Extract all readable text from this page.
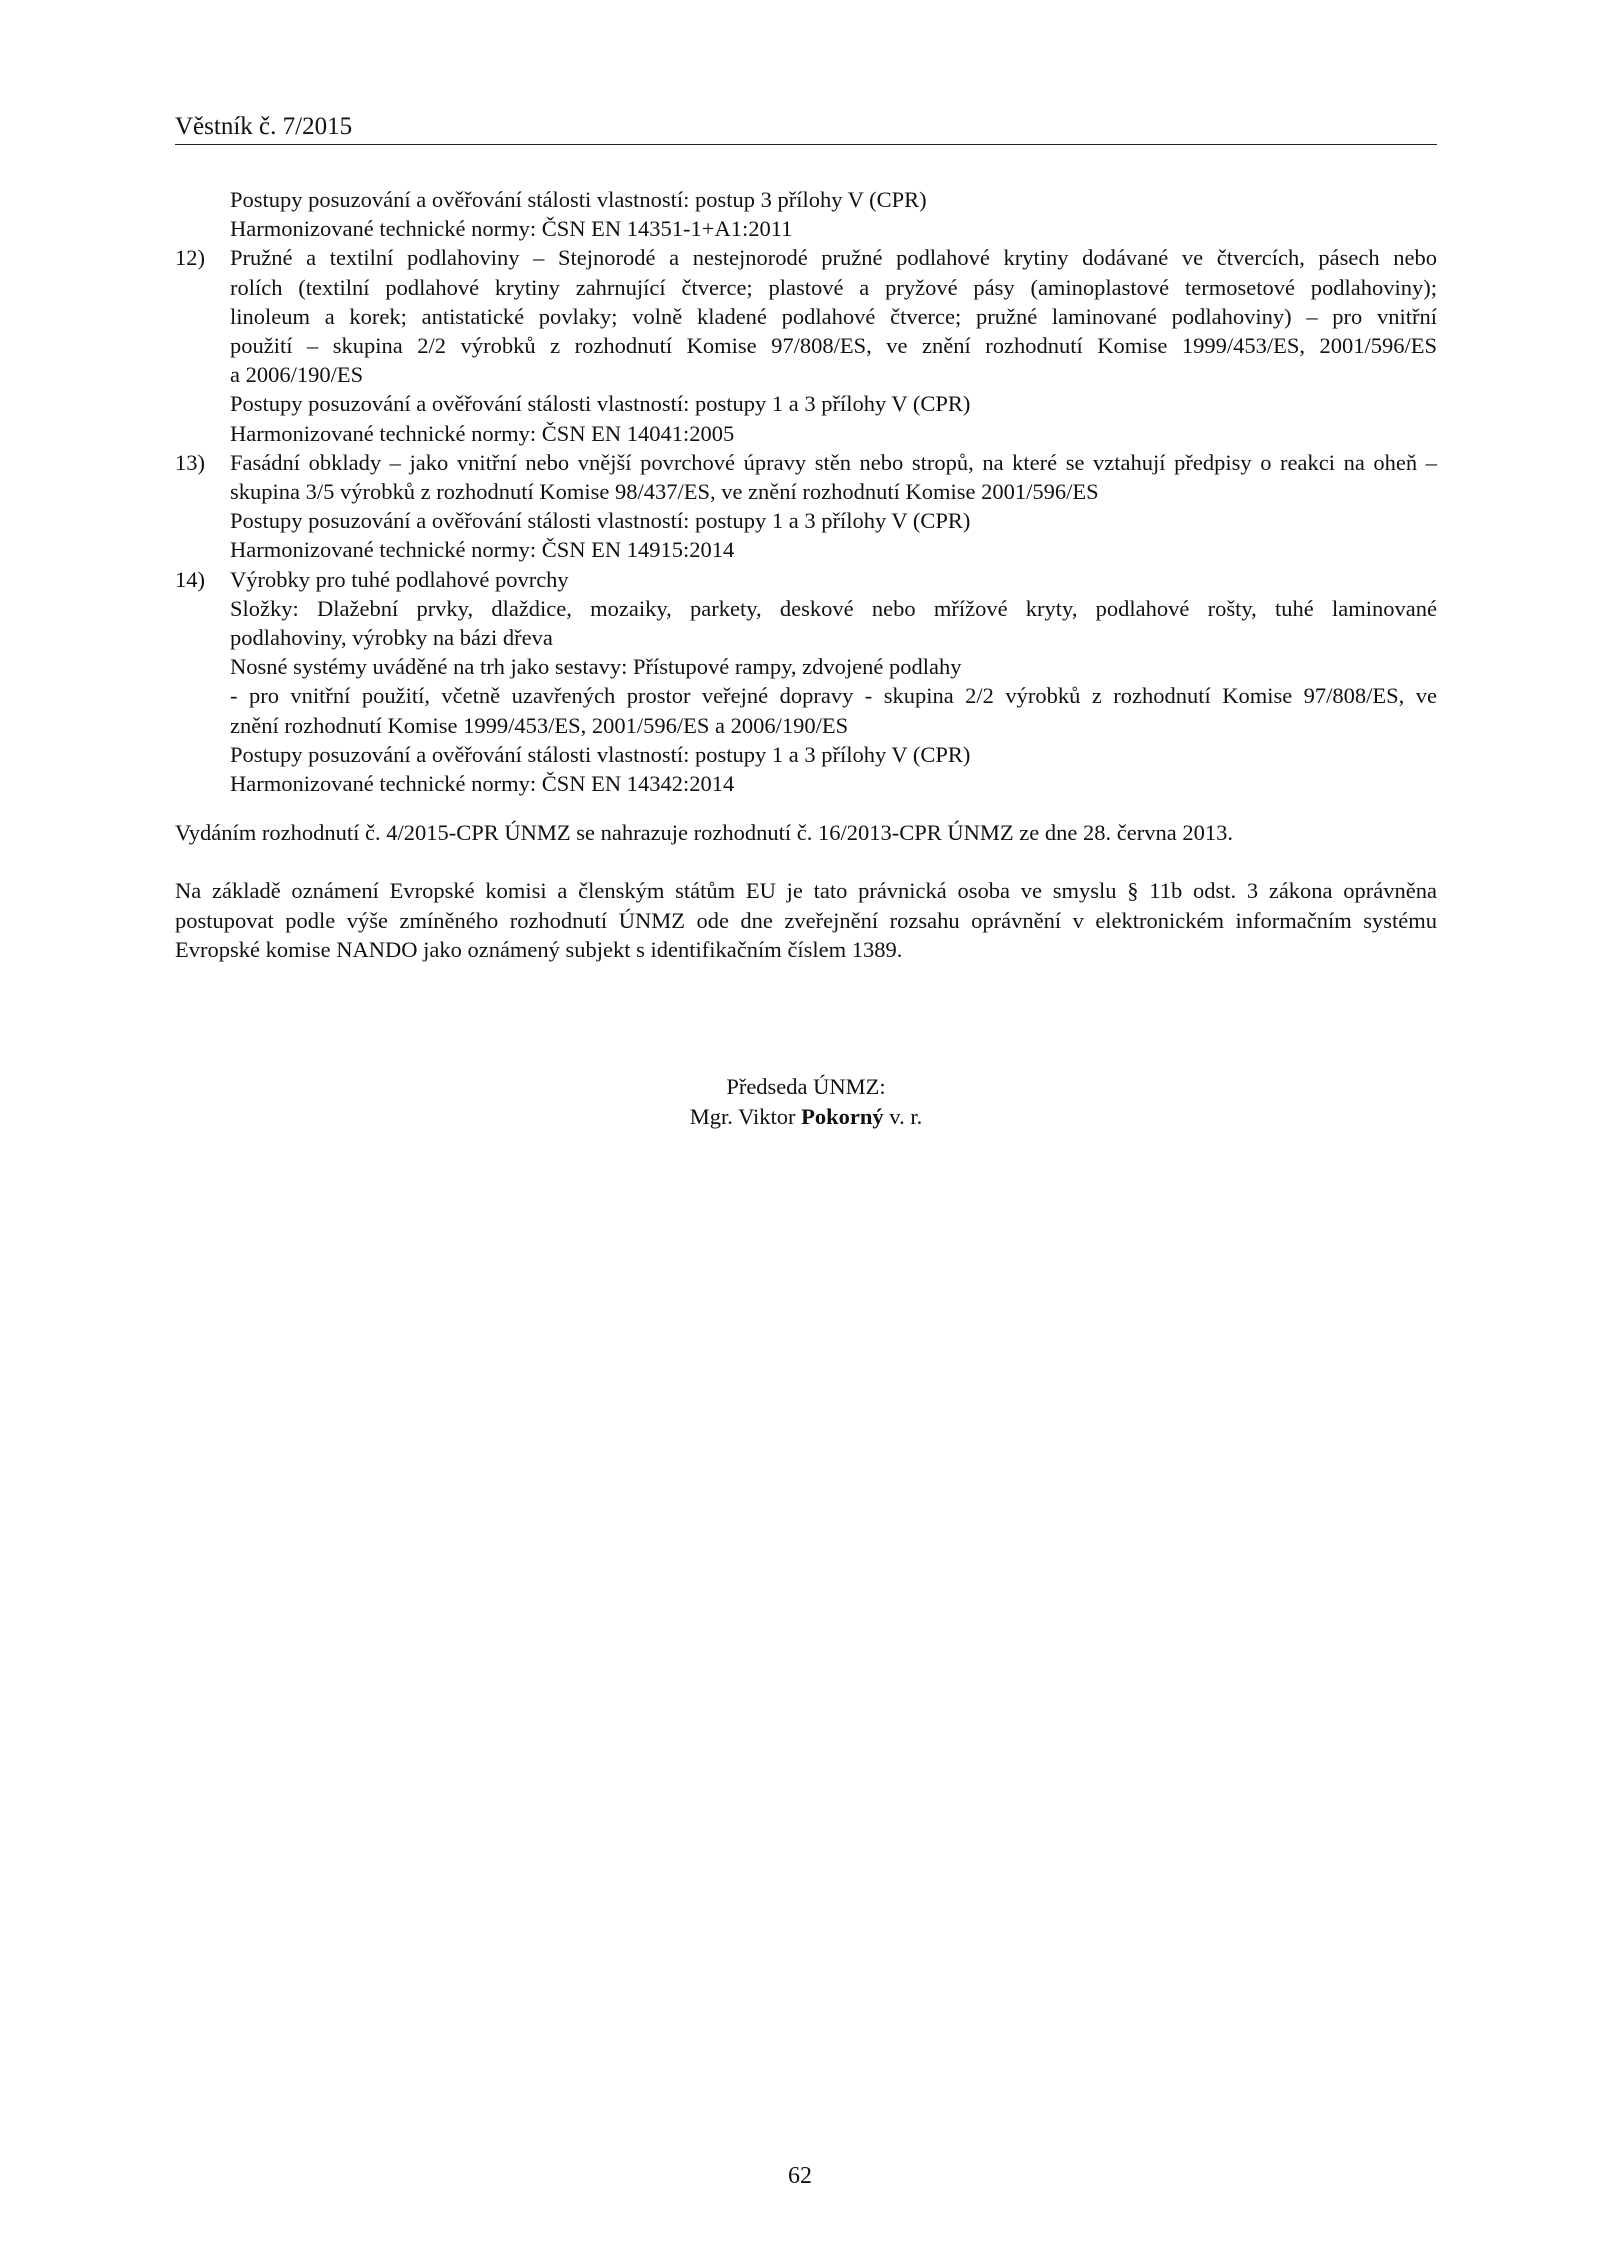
Věstník č. 7/2015
Postupy posuzování a ověřování stálosti vlastností: postup 3 přílohy V (CPR)
Harmonizované technické normy: ČSN EN 14351-1+A1:2011
12) Pružné a textilní podlahoviny – Stejnorodé a nestejnorodé pružné podlahové krytiny dodávané ve čtvercích, pásech nebo
rolích (textilní podlahové krytiny zahrnující čtverce; plastové a pryžové pásy (aminoplastové termosetové podlahoviny);
linoleum a korek; antistatické povlaky; volně kladené podlahové čtverce; pružné laminované podlahoviny) – pro vnitřní
použití – skupina 2/2 výrobků z rozhodnutí Komise 97/808/ES, ve znění rozhodnutí Komise 1999/453/ES, 2001/596/ES
a 2006/190/ES
Postupy posuzování a ověřování stálosti vlastností: postupy 1 a 3 přílohy V (CPR)
Harmonizované technické normy: ČSN EN 14041:2005
13) Fasádní obklady – jako vnitřní nebo vnější povrchové úpravy stěn nebo stropů, na které se vztahují předpisy o reakci na oheň –
skupina 3/5 výrobků z rozhodnutí Komise 98/437/ES, ve znění rozhodnutí Komise 2001/596/ES
Postupy posuzování a ověřování stálosti vlastností: postupy 1 a 3 přílohy V (CPR)
Harmonizované technické normy: ČSN EN 14915:2014
14) Výrobky pro tuhé podlahové povrchy
Složky: Dlažební prvky, dlaždice, mozaiky, parkety, deskové nebo mřížové kryty, podlahové rošty, tuhé laminované
podlahoviny, výrobky na bázi dřeva
Nosné systémy uváděné na trh jako sestavy: Přístupové rampy, zdvojené podlahy
- pro vnitřní použití, včetně uzavřených prostor veřejné dopravy - skupina 2/2 výrobků z rozhodnutí Komise 97/808/ES, ve
znění rozhodnutí Komise 1999/453/ES, 2001/596/ES a 2006/190/ES
Postupy posuzování a ověřování stálosti vlastností: postupy 1 a 3 přílohy V (CPR)
Harmonizované technické normy: ČSN EN 14342:2014
Vydáním rozhodnutí č. 4/2015-CPR ÚNMZ se nahrazuje rozhodnutí č. 16/2013-CPR ÚNMZ ze dne 28. června 2013.
Na základě oznámení Evropské komisi a členským státům EU je tato právnická osoba ve smyslu § 11b odst. 3 zákona oprávněna
postupovat podle výše zmíněného rozhodnutí ÚNMZ ode dne zveřejnění rozsahu oprávnění v elektronickém informačním systému
Evropské komise NANDO jako oznámený subjekt s identifikačním číslem 1389.
Předseda ÚNMZ:
Mgr. Viktor Pokorný v. r.
62
